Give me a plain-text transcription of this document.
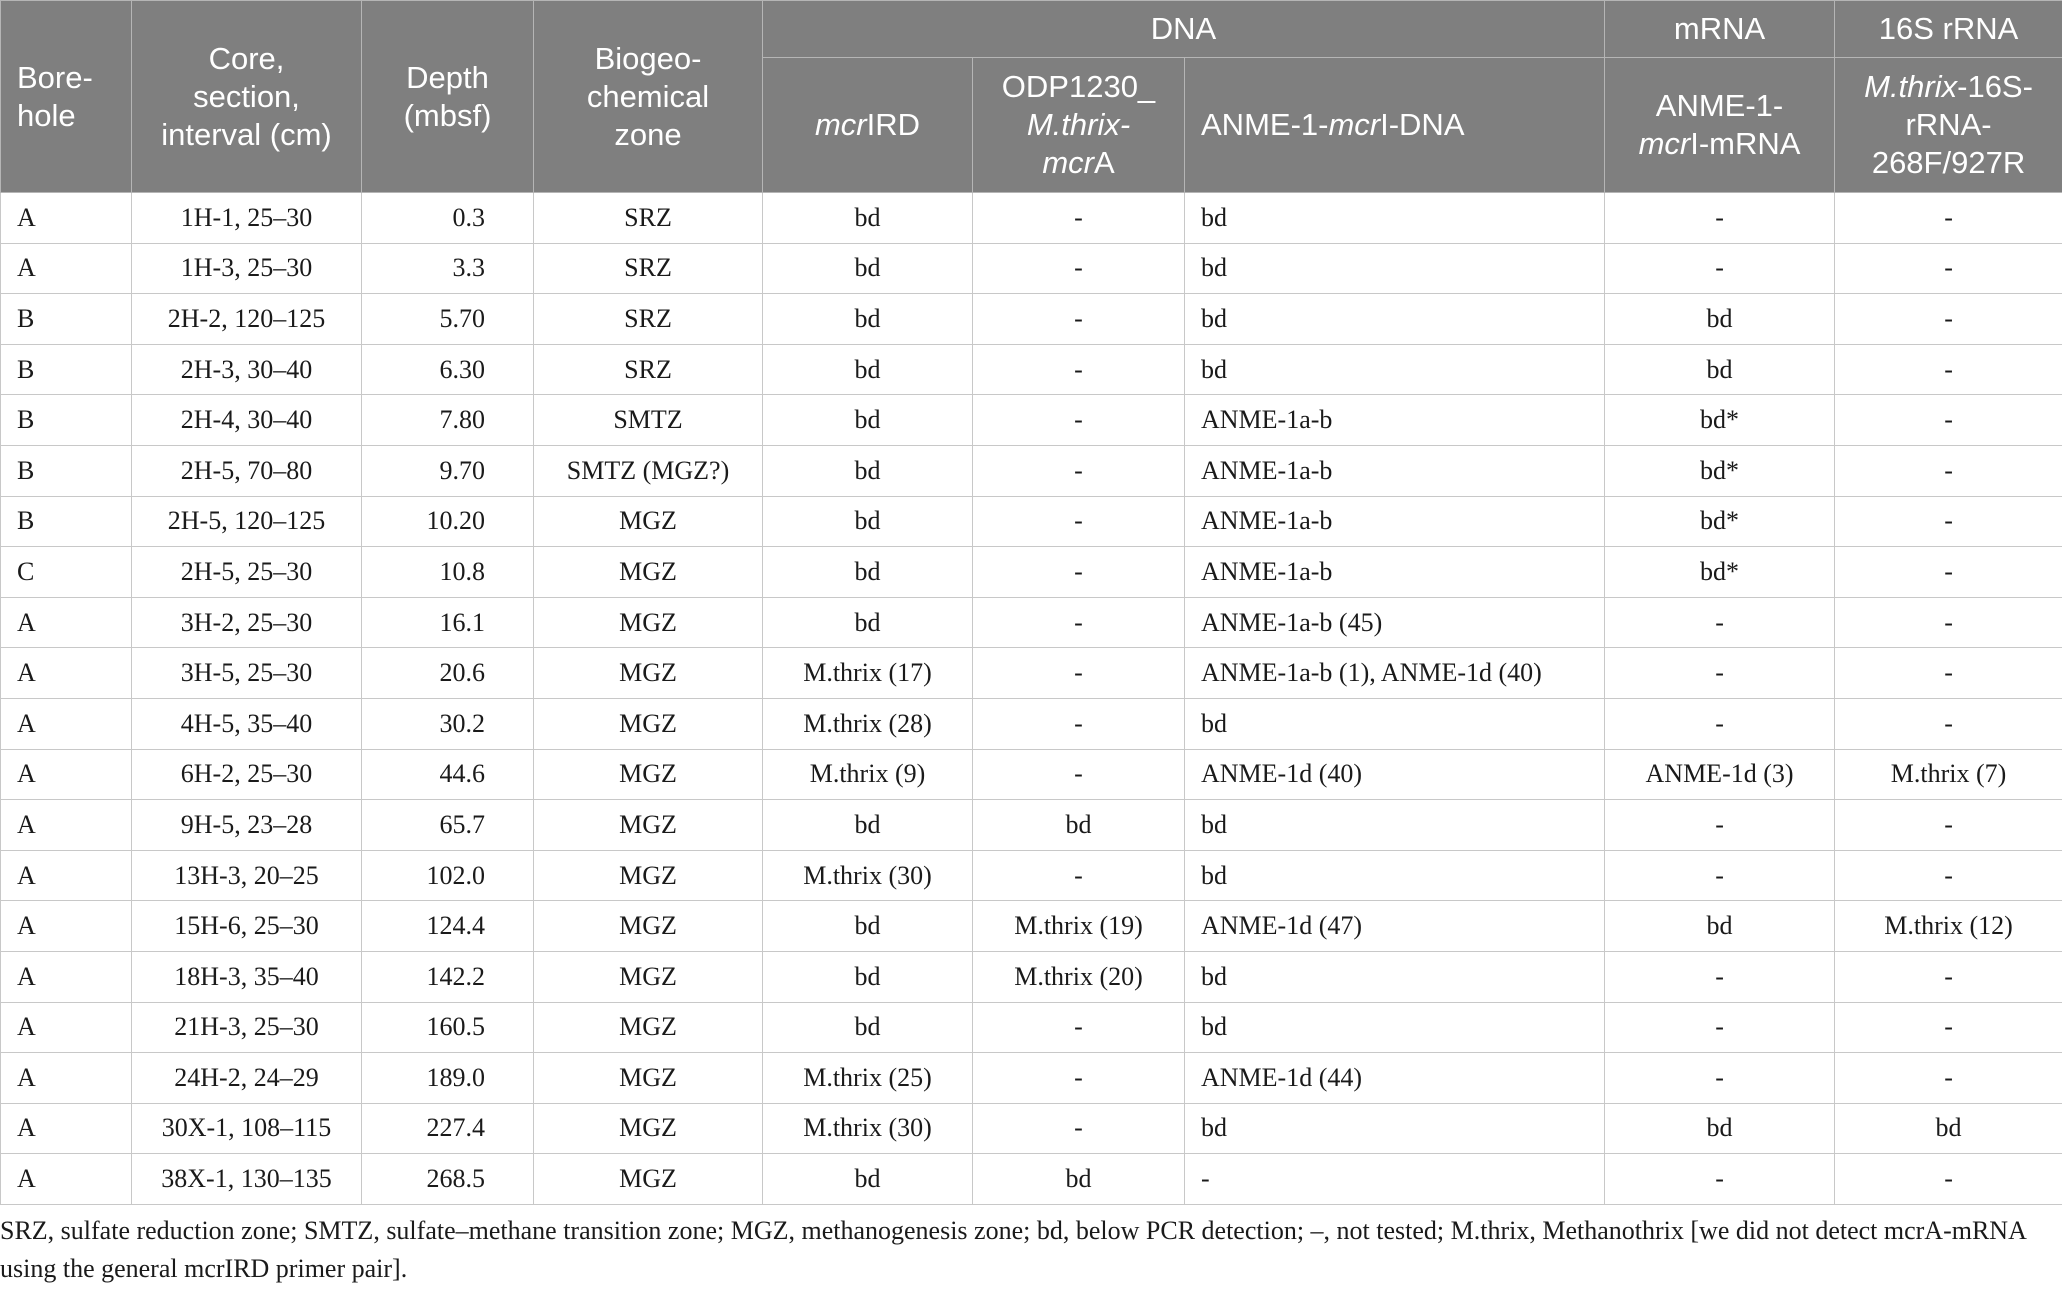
Bore-
hole	Core,
section,
interval (cm)	Depth
(mbsf)	Biogeo-
chemical
zone	DNA			mRNA	16S rRNA
				mcrIRD	ODP1230_
M.thrix-
mcrA	ANME-1-mcrI-DNA	ANME-1-
mcrI-mRNA	M.thrix-16S-
rRNA-
268F/927R
A	1H-1, 25–30	0.3	SRZ	bd	-	bd	-	-
A	1H-3, 25–30	3.3	SRZ	bd	-	bd	-	-
B	2H-2, 120–125	5.70	SRZ	bd	-	bd	bd	-
B	2H-3, 30–40	6.30	SRZ	bd	-	bd	bd	-
B	2H-4, 30–40	7.80	SMTZ	bd	-	ANME-1a-b	bd*	-
B	2H-5, 70–80	9.70	SMTZ (MGZ?)	bd	-	ANME-1a-b	bd*	-
B	2H-5, 120–125	10.20	MGZ	bd	-	ANME-1a-b	bd*	-
C	2H-5, 25–30	10.8	MGZ	bd	-	ANME-1a-b	bd*	-
A	3H-2, 25–30	16.1	MGZ	bd	-	ANME-1a-b (45)	-	-
A	3H-5, 25–30	20.6	MGZ	M.thrix (17)	-	ANME-1a-b (1), ANME-1d (40)	-	-
A	4H-5, 35–40	30.2	MGZ	M.thrix (28)	-	bd	-	-
A	6H-2, 25–30	44.6	MGZ	M.thrix (9)	-	ANME-1d (40)	ANME-1d (3)	M.thrix (7)
A	9H-5, 23–28	65.7	MGZ	bd	bd	bd	-	-
A	13H-3, 20–25	102.0	MGZ	M.thrix (30)	-	bd	-	-
A	15H-6, 25–30	124.4	MGZ	bd	M.thrix (19)	ANME-1d (47)	bd	M.thrix (12)
A	18H-3, 35–40	142.2	MGZ	bd	M.thrix (20)	bd	-	-
A	21H-3, 25–30	160.5	MGZ	bd	-	bd	-	-
A	24H-2, 24–29	189.0	MGZ	M.thrix (25)	-	ANME-1d (44)	-	-
A	30X-1, 108–115	227.4	MGZ	M.thrix (30)	-	bd	bd	bd
A	38X-1, 130–135	268.5	MGZ	bd	bd	-	-	-
SRZ, sulfate reduction zone; SMTZ, sulfate–methane transition zone; MGZ, methanogenesis zone; bd, below PCR detection; –, not tested; M.thrix, Methanothrix [we did not detect mcrA-mRNA using the general mcrIRD primer pair].
